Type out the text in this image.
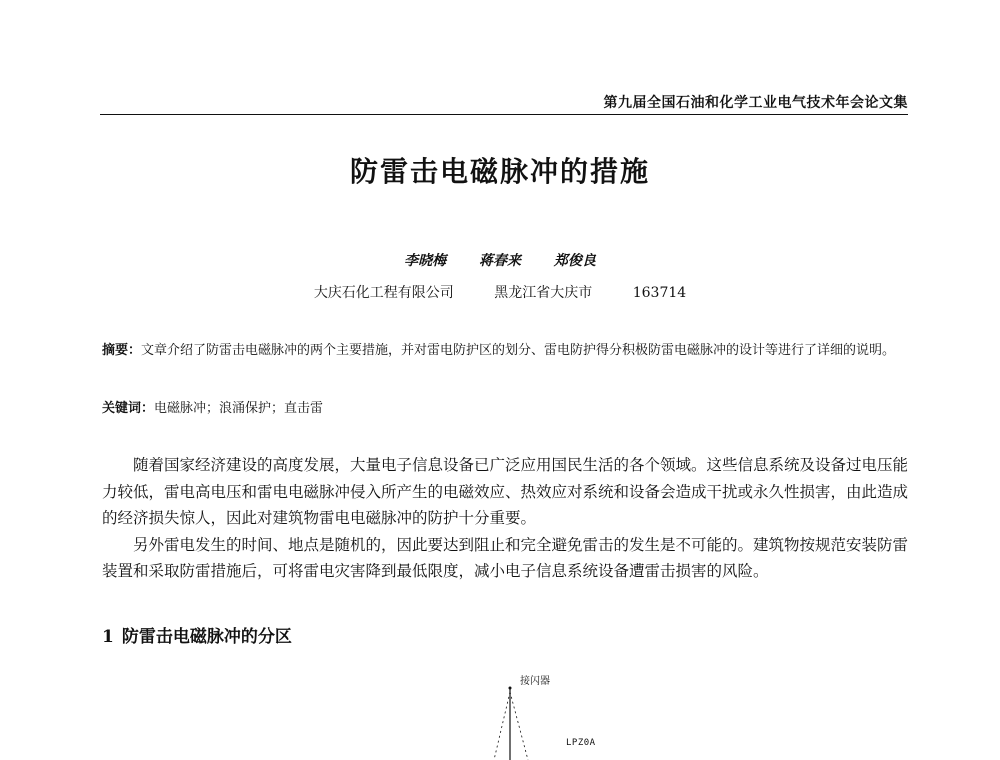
第九届全国石油和化学工业电气技术年会论文集
防雷击电磁脉冲的措施
李晓梅 蒋春来 郑俊良
大庆石化工程有限公司	黑龙江省大庆市	163714
摘要：文章介绍了防雷击电磁脉冲的两个主要措施，并对雷电防护区的划分、雷电防护得分积极防雷电磁脉冲的设计等进行了详细的说明。
关键词：电磁脉冲；浪涌保护；直击雷

随着国家经济建设的高度发展，大量电子信息设备已广泛应用国民生活的各个领域。这些信息系统及设备过电压能力较低，雷电高电压和雷电电磁脉冲侵入所产生的电磁效应、热效应对系统和设备会造成干扰或永久性损害，由此造成的经济损失惊人，因此对建筑物雷电电磁脉冲的防护十分重要。

另外雷电发生的时间、地点是随机的，因此要达到阻止和完全避免雷击的发生是不可能的。建筑物按规范安装防雷装置和采取防雷措施后，可将雷电灾害降到最低限度，减小电子信息系统设备遭雷击损害的风险。

1 防雷击电磁脉冲的分区
接闪器
LPZ0A
